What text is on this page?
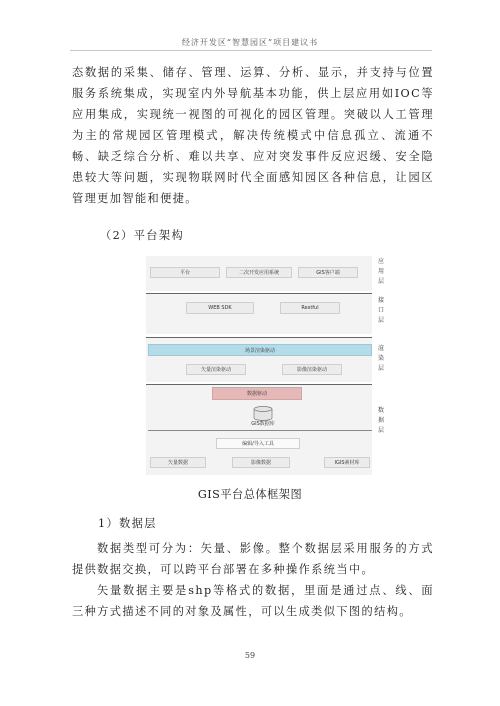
经济开发区“智慧园区”项目建议书

态数据的采集、储存、管理、运算、分析、显示，并支持与位置服务系统集成，实现室内外导航基本功能，供上层应用如IOC等应用集成，实现统一视图的可视化的园区管理。突破以人工管理为主的常规园区管理模式，解决传统模式中信息孤立、流通不畅、缺乏综合分析、难以共享、应对突发事件反应迟缓、安全隐患较大等问题，实现物联网时代全面感知园区各种信息，让园区管理更加智能和便捷。

（2）平台架构

平台	二次开发应用系统	GIS客户端
应用层
WEB SDK	Restful
接口层
场景渲染驱动
矢量渲染驱动	影像渲染驱动
渲染层
数据驱动
GIS数据库
编辑/导入工具
矢量数据	影像数据	IGIS素材库
数据层
GIS平台总体框架图

1）数据层

数据类型可分为：矢量、影像。整个数据层采用服务的方式提供数据交换，可以跨平台部署在多种操作系统当中。

矢量数据主要是shp等格式的数据，里面是通过点、线、面三种方式描述不同的对象及属性，可以生成类似下图的结构。

59
